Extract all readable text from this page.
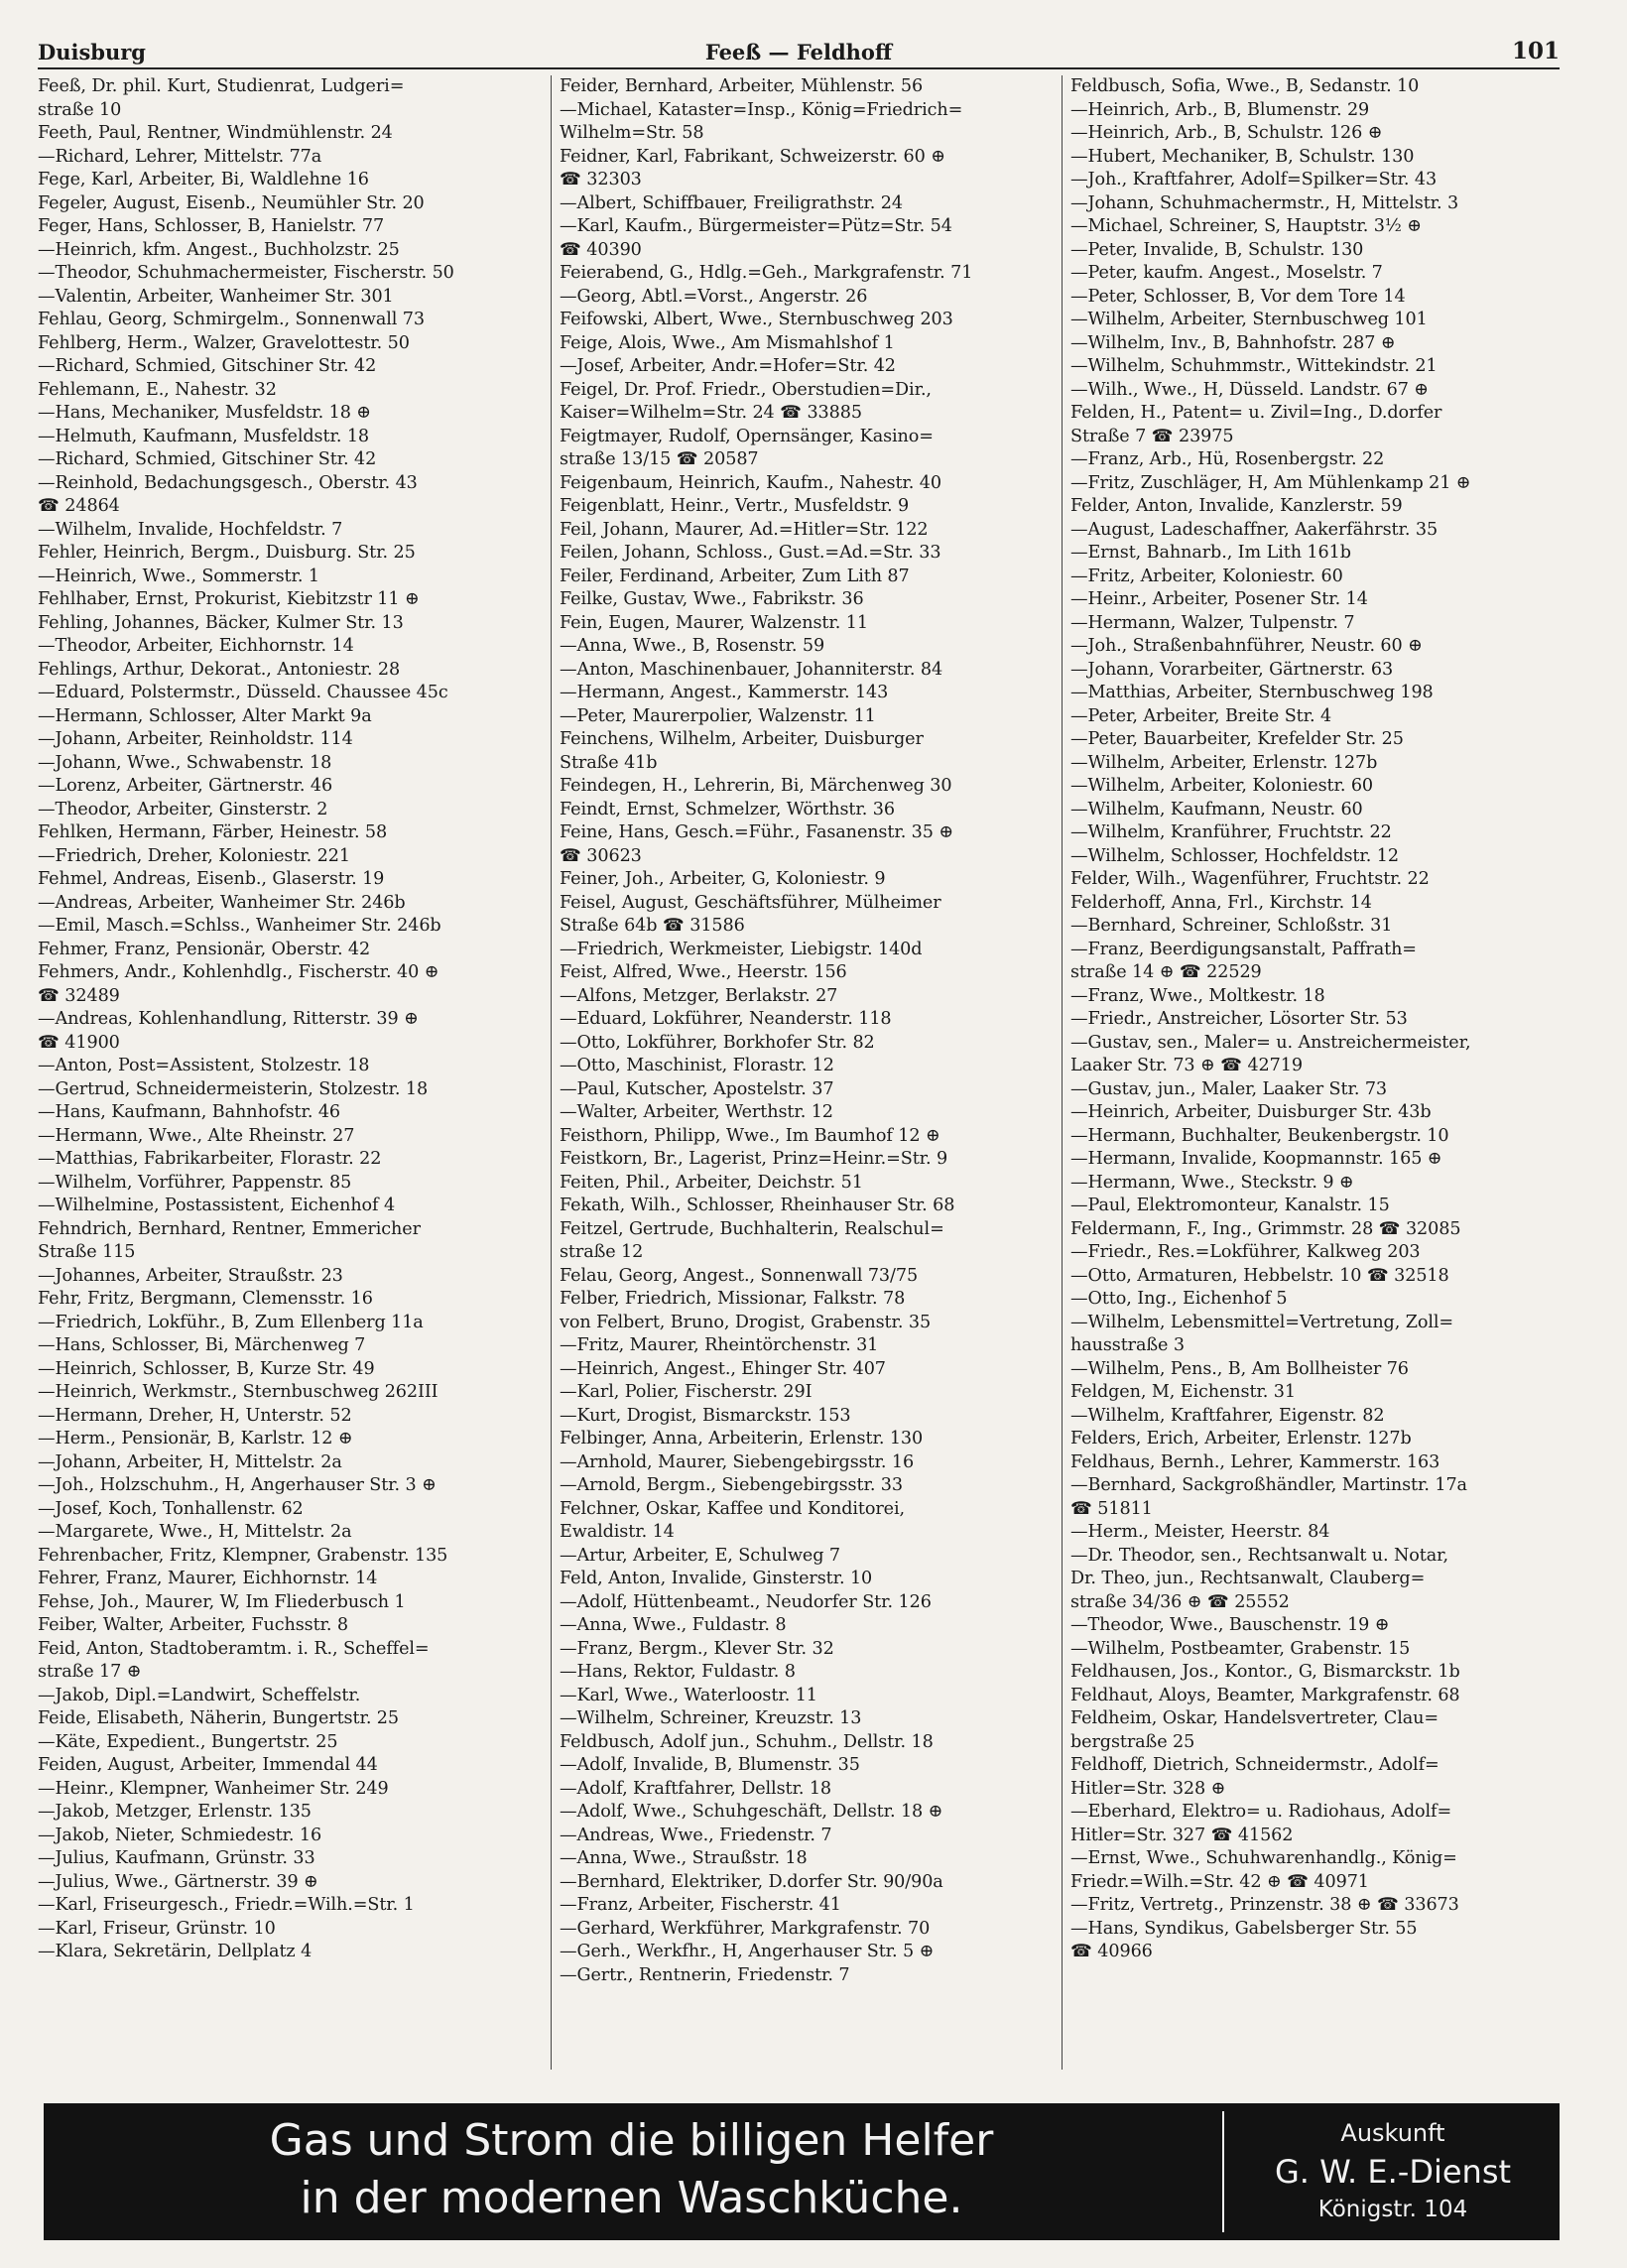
Duisburg	Feeß — Feldhoff	101
Feeß, Dr. phil. Kurt, Studienrat, Ludgeri=
straße 10
Feeth, Paul, Rentner, Windmühlenstr. 24
—Richard, Lehrer, Mittelstr. 77a
Fege, Karl, Arbeiter, Bi, Waldlehne 16
Fegeler, August, Eisenb., Neumühler Str. 20
Feger, Hans, Schlosser, B, Hanielstr. 77
—Heinrich, kfm. Angest., Buchholzstr. 25
—Theodor, Schuhmachermeister, Fischerstr. 50
—Valentin, Arbeiter, Wanheimer Str. 301
Fehlau, Georg, Schmirgelm., Sonnenwall 73
Fehlberg, Herm., Walzer, Gravelottestr. 50
—Richard, Schmied, Gitschiner Str. 42
Fehlemann, E., Nahestr. 32
—Hans, Mechaniker, Musfeldstr. 18 ⊕
—Helmuth, Kaufmann, Musfeldstr. 18
—Richard, Schmied, Gitschiner Str. 42
—Reinhold, Bedachungsgesch., Oberstr. 43
☎ 24864
—Wilhelm, Invalide, Hochfeldstr. 7
Fehler, Heinrich, Bergm., Duisburg. Str. 25
—Heinrich, Wwe., Sommerstr. 1
Fehlhaber, Ernst, Prokurist, Kiebitzstr 11 ⊕
Fehling, Johannes, Bäcker, Kulmer Str. 13
—Theodor, Arbeiter, Eichhornstr. 14
Fehlings, Arthur, Dekorat., Antoniestr. 28
—Eduard, Polstermstr., Düsseld. Chaussee 45c
—Hermann, Schlosser, Alter Markt 9a
—Johann, Arbeiter, Reinholdstr. 114
—Johann, Wwe., Schwabenstr. 18
—Lorenz, Arbeiter, Gärtnerstr. 46
—Theodor, Arbeiter, Ginsterstr. 2
Fehlken, Hermann, Färber, Heinestr. 58
—Friedrich, Dreher, Koloniestr. 221
Fehmel, Andreas, Eisenb., Glaserstr. 19
—Andreas, Arbeiter, Wanheimer Str. 246b
—Emil, Masch.=Schlss., Wanheimer Str. 246b
Fehmer, Franz, Pensionär, Oberstr. 42
Fehmers, Andr., Kohlenhdlg., Fischerstr. 40 ⊕
☎ 32489
—Andreas, Kohlenhandlung, Ritterstr. 39 ⊕
☎ 41900
—Anton, Post=Assistent, Stolzestr. 18
—Gertrud, Schneidermeisterin, Stolzestr. 18
—Hans, Kaufmann, Bahnhofstr. 46
—Hermann, Wwe., Alte Rheinstr. 27
—Matthias, Fabrikarbeiter, Florastr. 22
—Wilhelm, Vorführer, Pappenstr. 85
—Wilhelmine, Postassistent, Eichenhof 4
Fehndrich, Bernhard, Rentner, Emmericher
Straße 115
—Johannes, Arbeiter, Straußstr. 23
Fehr, Fritz, Bergmann, Clemensstr. 16
—Friedrich, Lokführ., B, Zum Ellenberg 11a
—Hans, Schlosser, Bi, Märchenweg 7
—Heinrich, Schlosser, B, Kurze Str. 49
—Heinrich, Werkmstr., Sternbuschweg 262III
—Hermann, Dreher, H, Unterstr. 52
—Herm., Pensionär, B, Karlstr. 12 ⊕
—Johann, Arbeiter, H, Mittelstr. 2a
—Joh., Holzschuhm., H, Angerhauser Str. 3 ⊕
—Josef, Koch, Tonhallenstr. 62
—Margarete, Wwe., H, Mittelstr. 2a
Fehrenbacher, Fritz, Klempner, Grabenstr. 135
Fehrer, Franz, Maurer, Eichhornstr. 14
Fehse, Joh., Maurer, W, Im Fliederbusch 1
Feiber, Walter, Arbeiter, Fuchsstr. 8
Feid, Anton, Stadtoberamtm. i. R., Scheffel=
straße 17 ⊕
—Jakob, Dipl.=Landwirt, Scheffelstr.
Feide, Elisabeth, Näherin, Bungertstr. 25
—Käte, Expedient., Bungertstr. 25
Feiden, August, Arbeiter, Immendal 44
—Heinr., Klempner, Wanheimer Str. 249
—Jakob, Metzger, Erlenstr. 135
—Jakob, Nieter, Schmiedestr. 16
—Julius, Kaufmann, Grünstr. 33
—Julius, Wwe., Gärtnerstr. 39 ⊕
—Karl, Friseurgesch., Friedr.=Wilh.=Str. 1
—Karl, Friseur, Grünstr. 10
—Klara, Sekretärin, Dellplatz 4
Feider, Bernhard, Arbeiter, Mühlenstr. 56
—Michael, Kataster=Insp., König=Friedrich=
Wilhelm=Str. 58
Feidner, Karl, Fabrikant, Schweizerstr. 60 ⊕
☎ 32303
—Albert, Schiffbauer, Freiligrathstr. 24
—Karl, Kaufm., Bürgermeister=Pütz=Str. 54
☎ 40390
Feierabend, G., Hdlg.=Geh., Markgrafenstr. 71
—Georg, Abtl.=Vorst., Angerstr. 26
Feifowski, Albert, Wwe., Sternbuschweg 203
Feige, Alois, Wwe., Am Mismahlshof 1
—Josef, Arbeiter, Andr.=Hofer=Str. 42
Feigel, Dr. Prof. Friedr., Oberstudien=Dir.,
Kaiser=Wilhelm=Str. 24 ☎ 33885
Feigtmayer, Rudolf, Opernsänger, Kasino=
straße 13/15 ☎ 20587
Feigenbaum, Heinrich, Kaufm., Nahestr. 40
Feigenblatt, Heinr., Vertr., Musfeldstr. 9
Feil, Johann, Maurer, Ad.=Hitler=Str. 122
Feilen, Johann, Schloss., Gust.=Ad.=Str. 33
Feiler, Ferdinand, Arbeiter, Zum Lith 87
Feilke, Gustav, Wwe., Fabrikstr. 36
Fein, Eugen, Maurer, Walzenstr. 11
—Anna, Wwe., B, Rosenstr. 59
—Anton, Maschinenbauer, Johanniterstr. 84
—Hermann, Angest., Kammerstr. 143
—Peter, Maurerpolier, Walzenstr. 11
Feinchens, Wilhelm, Arbeiter, Duisburger
Straße 41b
Feindegen, H., Lehrerin, Bi, Märchenweg 30
Feindt, Ernst, Schmelzer, Wörthstr. 36
Feine, Hans, Gesch.=Führ., Fasanenstr. 35 ⊕
☎ 30623
Feiner, Joh., Arbeiter, G, Koloniestr. 9
Feisel, August, Geschäftsführer, Mülheimer
Straße 64b ☎ 31586
—Friedrich, Werkmeister, Liebigstr. 140d
Feist, Alfred, Wwe., Heerstr. 156
—Alfons, Metzger, Berlakstr. 27
—Eduard, Lokführer, Neanderstr. 118
—Otto, Lokführer, Borkhofer Str. 82
—Otto, Maschinist, Florastr. 12
—Paul, Kutscher, Apostelstr. 37
—Walter, Arbeiter, Werthstr. 12
Feisthorn, Philipp, Wwe., Im Baumhof 12 ⊕
Feistkorn, Br., Lagerist, Prinz=Heinr.=Str. 9
Feiten, Phil., Arbeiter, Deichstr. 51
Fekath, Wilh., Schlosser, Rheinhauser Str. 68
Feitzel, Gertrude, Buchhalterin, Realschul=
straße 12
Felau, Georg, Angest., Sonnenwall 73/75
Felber, Friedrich, Missionar, Falkstr. 78
von Felbert, Bruno, Drogist, Grabenstr. 35
—Fritz, Maurer, Rheintörchenstr. 31
—Heinrich, Angest., Ehinger Str. 407
—Karl, Polier, Fischerstr. 29I
—Kurt, Drogist, Bismarckstr. 153
Felbinger, Anna, Arbeiterin, Erlenstr. 130
—Arnhold, Maurer, Siebengebirgsstr. 16
—Arnold, Bergm., Siebengebirgsstr. 33
Felchner, Oskar, Kaffee und Konditorei,
Ewaldistr. 14
—Artur, Arbeiter, E, Schulweg 7
Feld, Anton, Invalide, Ginsterstr. 10
—Adolf, Hüttenbeamt., Neudorfer Str. 126
—Anna, Wwe., Fuldastr. 8
—Franz, Bergm., Klever Str. 32
—Hans, Rektor, Fuldastr. 8
—Karl, Wwe., Waterloostr. 11
—Wilhelm, Schreiner, Kreuzstr. 13
Feldbusch, Adolf jun., Schuhm., Dellstr. 18
—Adolf, Invalide, B, Blumenstr. 35
—Adolf, Kraftfahrer, Dellstr. 18
—Adolf, Wwe., Schuhgeschäft, Dellstr. 18 ⊕
—Andreas, Wwe., Friedenstr. 7
—Anna, Wwe., Straußstr. 18
—Bernhard, Elektriker, D.dorfer Str. 90/90a
—Franz, Arbeiter, Fischerstr. 41
—Gerhard, Werkführer, Markgrafenstr. 70
—Gerh., Werkfhr., H, Angerhauser Str. 5 ⊕
—Gertr., Rentnerin, Friedenstr. 7
Feldbusch, Sofia, Wwe., B, Sedanstr. 10
—Heinrich, Arb., B, Blumenstr. 29
—Heinrich, Arb., B, Schulstr. 126 ⊕
—Hubert, Mechaniker, B, Schulstr. 130
—Joh., Kraftfahrer, Adolf=Spilker=Str. 43
—Johann, Schuhmachermstr., H, Mittelstr. 3
—Michael, Schreiner, S, Hauptstr. 3½ ⊕
—Peter, Invalide, B, Schulstr. 130
—Peter, kaufm. Angest., Moselstr. 7
—Peter, Schlosser, B, Vor dem Tore 14
—Wilhelm, Arbeiter, Sternbuschweg 101
—Wilhelm, Inv., B, Bahnhofstr. 287 ⊕
—Wilhelm, Schuhmmstr., Wittekindstr. 21
—Wilh., Wwe., H, Düsseld. Landstr. 67 ⊕
Felden, H., Patent= u. Zivil=Ing., D.dorfer
Straße 7 ☎ 23975
—Franz, Arb., Hü, Rosenbergstr. 22
—Fritz, Zuschläger, H, Am Mühlenkamp 21 ⊕
Felder, Anton, Invalide, Kanzlerstr. 59
—August, Ladeschaffner, Aakerfährstr. 35
—Ernst, Bahnarb., Im Lith 161b
—Fritz, Arbeiter, Koloniestr. 60
—Heinr., Arbeiter, Posener Str. 14
—Hermann, Walzer, Tulpenstr. 7
—Joh., Straßenbahnführer, Neustr. 60 ⊕
—Johann, Vorarbeiter, Gärtnerstr. 63
—Matthias, Arbeiter, Sternbuschweg 198
—Peter, Arbeiter, Breite Str. 4
—Peter, Bauarbeiter, Krefelder Str. 25
—Wilhelm, Arbeiter, Erlenstr. 127b
—Wilhelm, Arbeiter, Koloniestr. 60
—Wilhelm, Kaufmann, Neustr. 60
—Wilhelm, Kranführer, Fruchtstr. 22
—Wilhelm, Schlosser, Hochfeldstr. 12
Felder, Wilh., Wagenführer, Fruchtstr. 22
Felderhoff, Anna, Frl., Kirchstr. 14
—Bernhard, Schreiner, Schloßstr. 31
—Franz, Beerdigungsanstalt, Paffrath=
straße 14 ⊕ ☎ 22529
—Franz, Wwe., Moltkestr. 18
—Friedr., Anstreicher, Lösorter Str. 53
—Gustav, sen., Maler= u. Anstreichermeister,
Laaker Str. 73 ⊕ ☎ 42719
—Gustav, jun., Maler, Laaker Str. 73
—Heinrich, Arbeiter, Duisburger Str. 43b
—Hermann, Buchhalter, Beukenbergstr. 10
—Hermann, Invalide, Koopmannstr. 165 ⊕
—Hermann, Wwe., Steckstr. 9 ⊕
—Paul, Elektromonteur, Kanalstr. 15
Feldermann, F., Ing., Grimmstr. 28 ☎ 32085
—Friedr., Res.=Lokführer, Kalkweg 203
—Otto, Armaturen, Hebbelstr. 10 ☎ 32518
—Otto, Ing., Eichenhof 5
—Wilhelm, Lebensmittel=Vertretung, Zoll=
hausstraße 3
—Wilhelm, Pens., B, Am Bollheister 76
Feldgen, M, Eichenstr. 31
—Wilhelm, Kraftfahrer, Eigenstr. 82
Felders, Erich, Arbeiter, Erlenstr. 127b
Feldhaus, Bernh., Lehrer, Kammerstr. 163
—Bernhard, Sackgroßhändler, Martinstr. 17a
☎ 51811
—Herm., Meister, Heerstr. 84
—Dr. Theodor, sen., Rechtsanwalt u. Notar,
Dr. Theo, jun., Rechtsanwalt, Clauberg=
straße 34/36 ⊕ ☎ 25552
—Theodor, Wwe., Bauschenstr. 19 ⊕
—Wilhelm, Postbeamter, Grabenstr. 15
Feldhausen, Jos., Kontor., G, Bismarckstr. 1b
Feldhaut, Aloys, Beamter, Markgrafenstr. 68
Feldheim, Oskar, Handelsvertreter, Clau=
bergstraße 25
Feldhoff, Dietrich, Schneidermstr., Adolf=
Hitler=Str. 328 ⊕
—Eberhard, Elektro= u. Radiohaus, Adolf=
Hitler=Str. 327 ☎ 41562
—Ernst, Wwe., Schuhwarenhandlg., König=
Friedr.=Wilh.=Str. 42 ⊕ ☎ 40971
—Fritz, Vertretg., Prinzenstr. 38 ⊕ ☎ 33673
—Hans, Syndikus, Gabelsberger Str. 55
☎ 40966
Gas und Strom die billigen Helfer
in der modernen Waschküche.
Auskunft
G. W. E.-Dienst
Königstr. 104
